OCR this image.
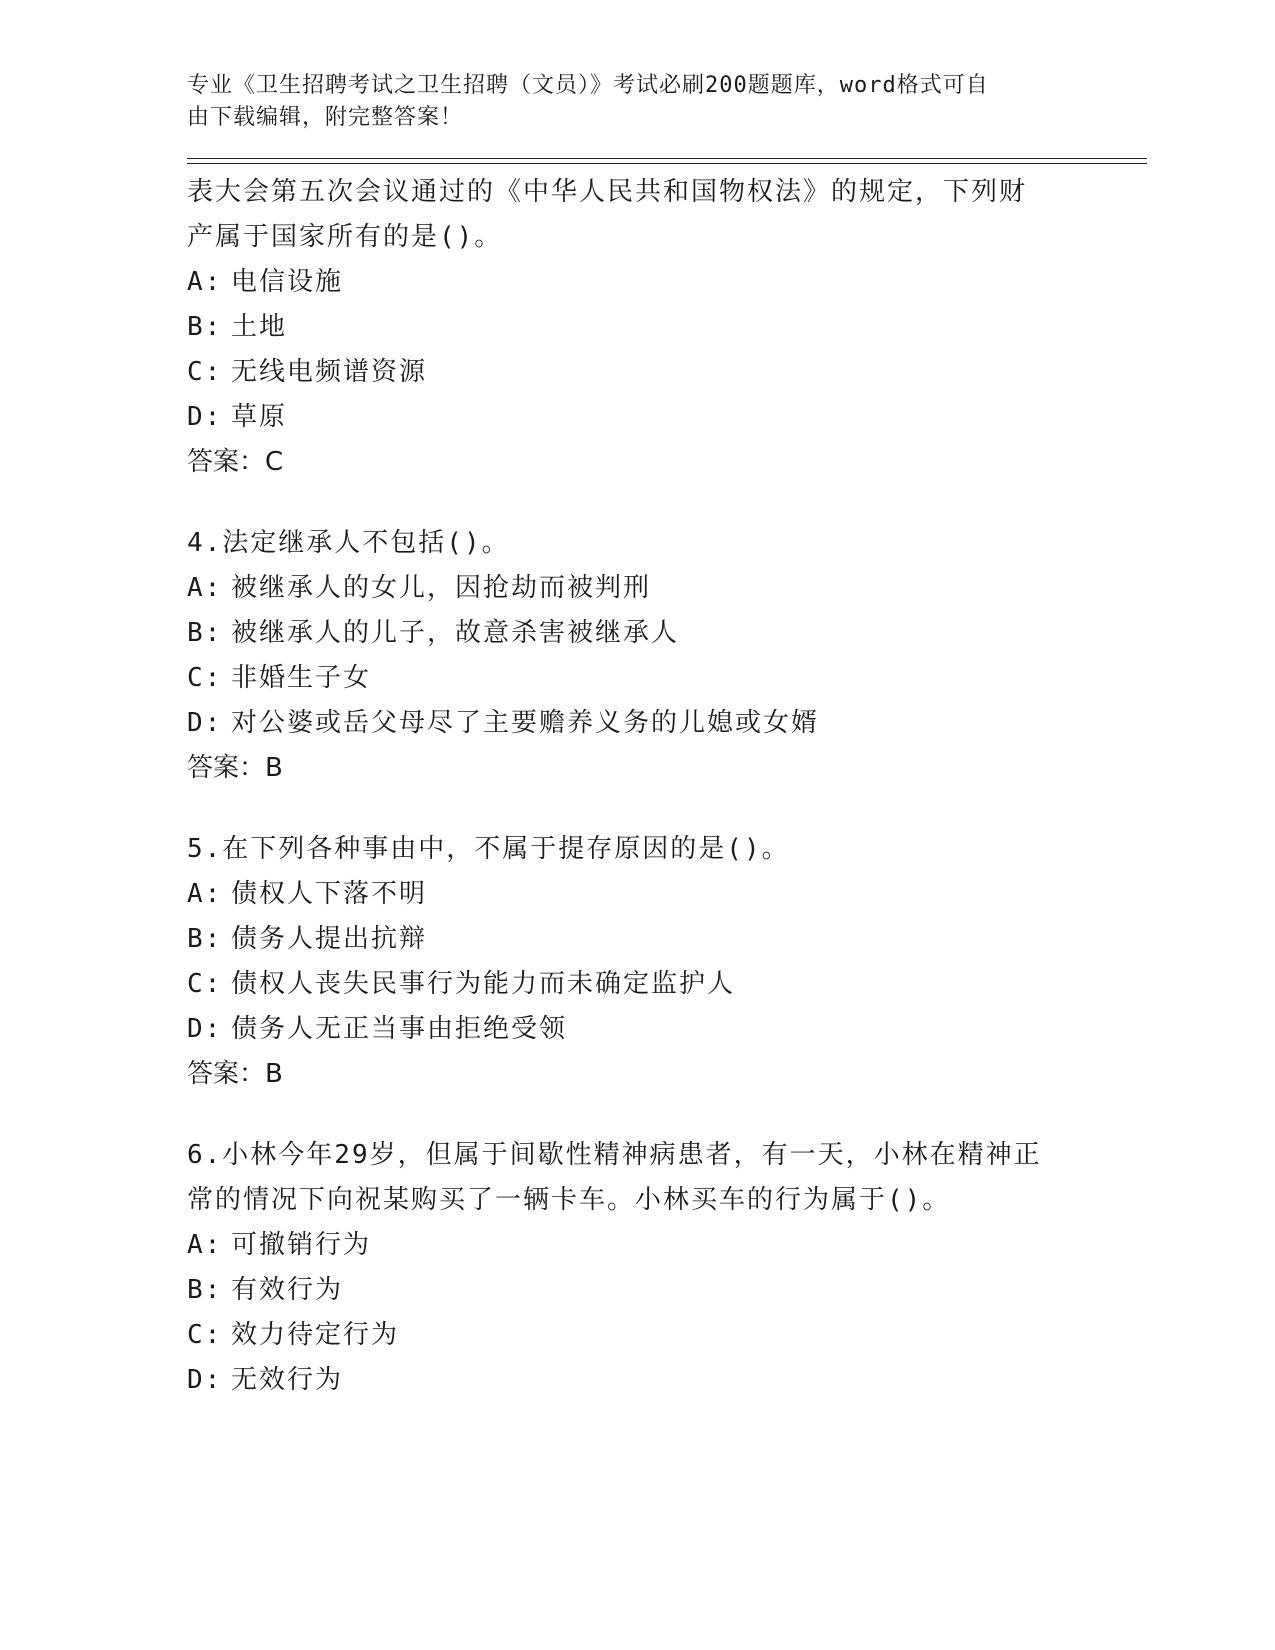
专业《卫生招聘考试之卫生招聘（文员）》考试必刷200题题库，word格式可自
由下载编辑，附完整答案！
表大会第五次会议通过的《中华人民共和国物权法》的规定，下列财
产属于国家所有的是()。
A: 电信设施
B: 土地
C: 无线电频谱资源
D: 草原
答案：C
4.法定继承人不包括()。
A: 被继承人的女儿，因抢劫而被判刑
B: 被继承人的儿子，故意杀害被继承人
C: 非婚生子女
D: 对公婆或岳父母尽了主要赡养义务的儿媳或女婿
答案：B
5.在下列各种事由中，不属于提存原因的是()。
A: 债权人下落不明
B: 债务人提出抗辩
C: 债权人丧失民事行为能力而未确定监护人
D: 债务人无正当事由拒绝受领
答案：B
6.小林今年29岁，但属于间歇性精神病患者，有一天，小林在精神正
常的情况下向祝某购买了一辆卡车。小林买车的行为属于()。
A: 可撤销行为
B: 有效行为
C: 效力待定行为
D: 无效行为
